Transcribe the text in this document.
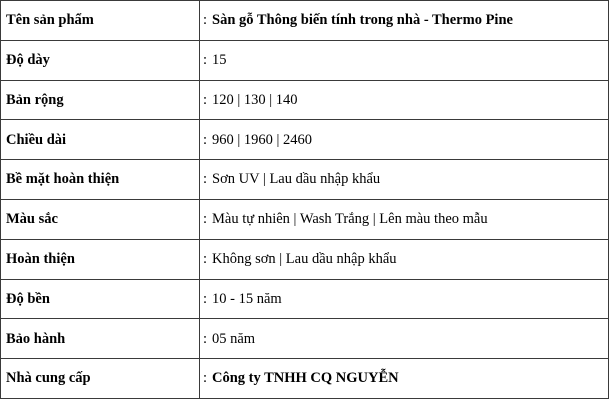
Tên sản phẩm	: Sàn gỗ Thông biến tính trong nhà - Thermo Pine
Độ dày	: 15
Bản rộng	: 120 | 130 | 140
Chiều dài	: 960 | 1960 | 2460
Bề mặt hoàn thiện	: Sơn UV | Lau dầu nhập khẩu
Màu sắc	: Màu tự nhiên | Wash Trắng | Lên màu theo mẫu
Hoàn thiện	: Không sơn | Lau dầu nhập khẩu
Độ bền	: 10 - 15 năm
Bảo hành	: 05 năm
Nhà cung cấp	: Công ty TNHH CQ NGUYỄN
